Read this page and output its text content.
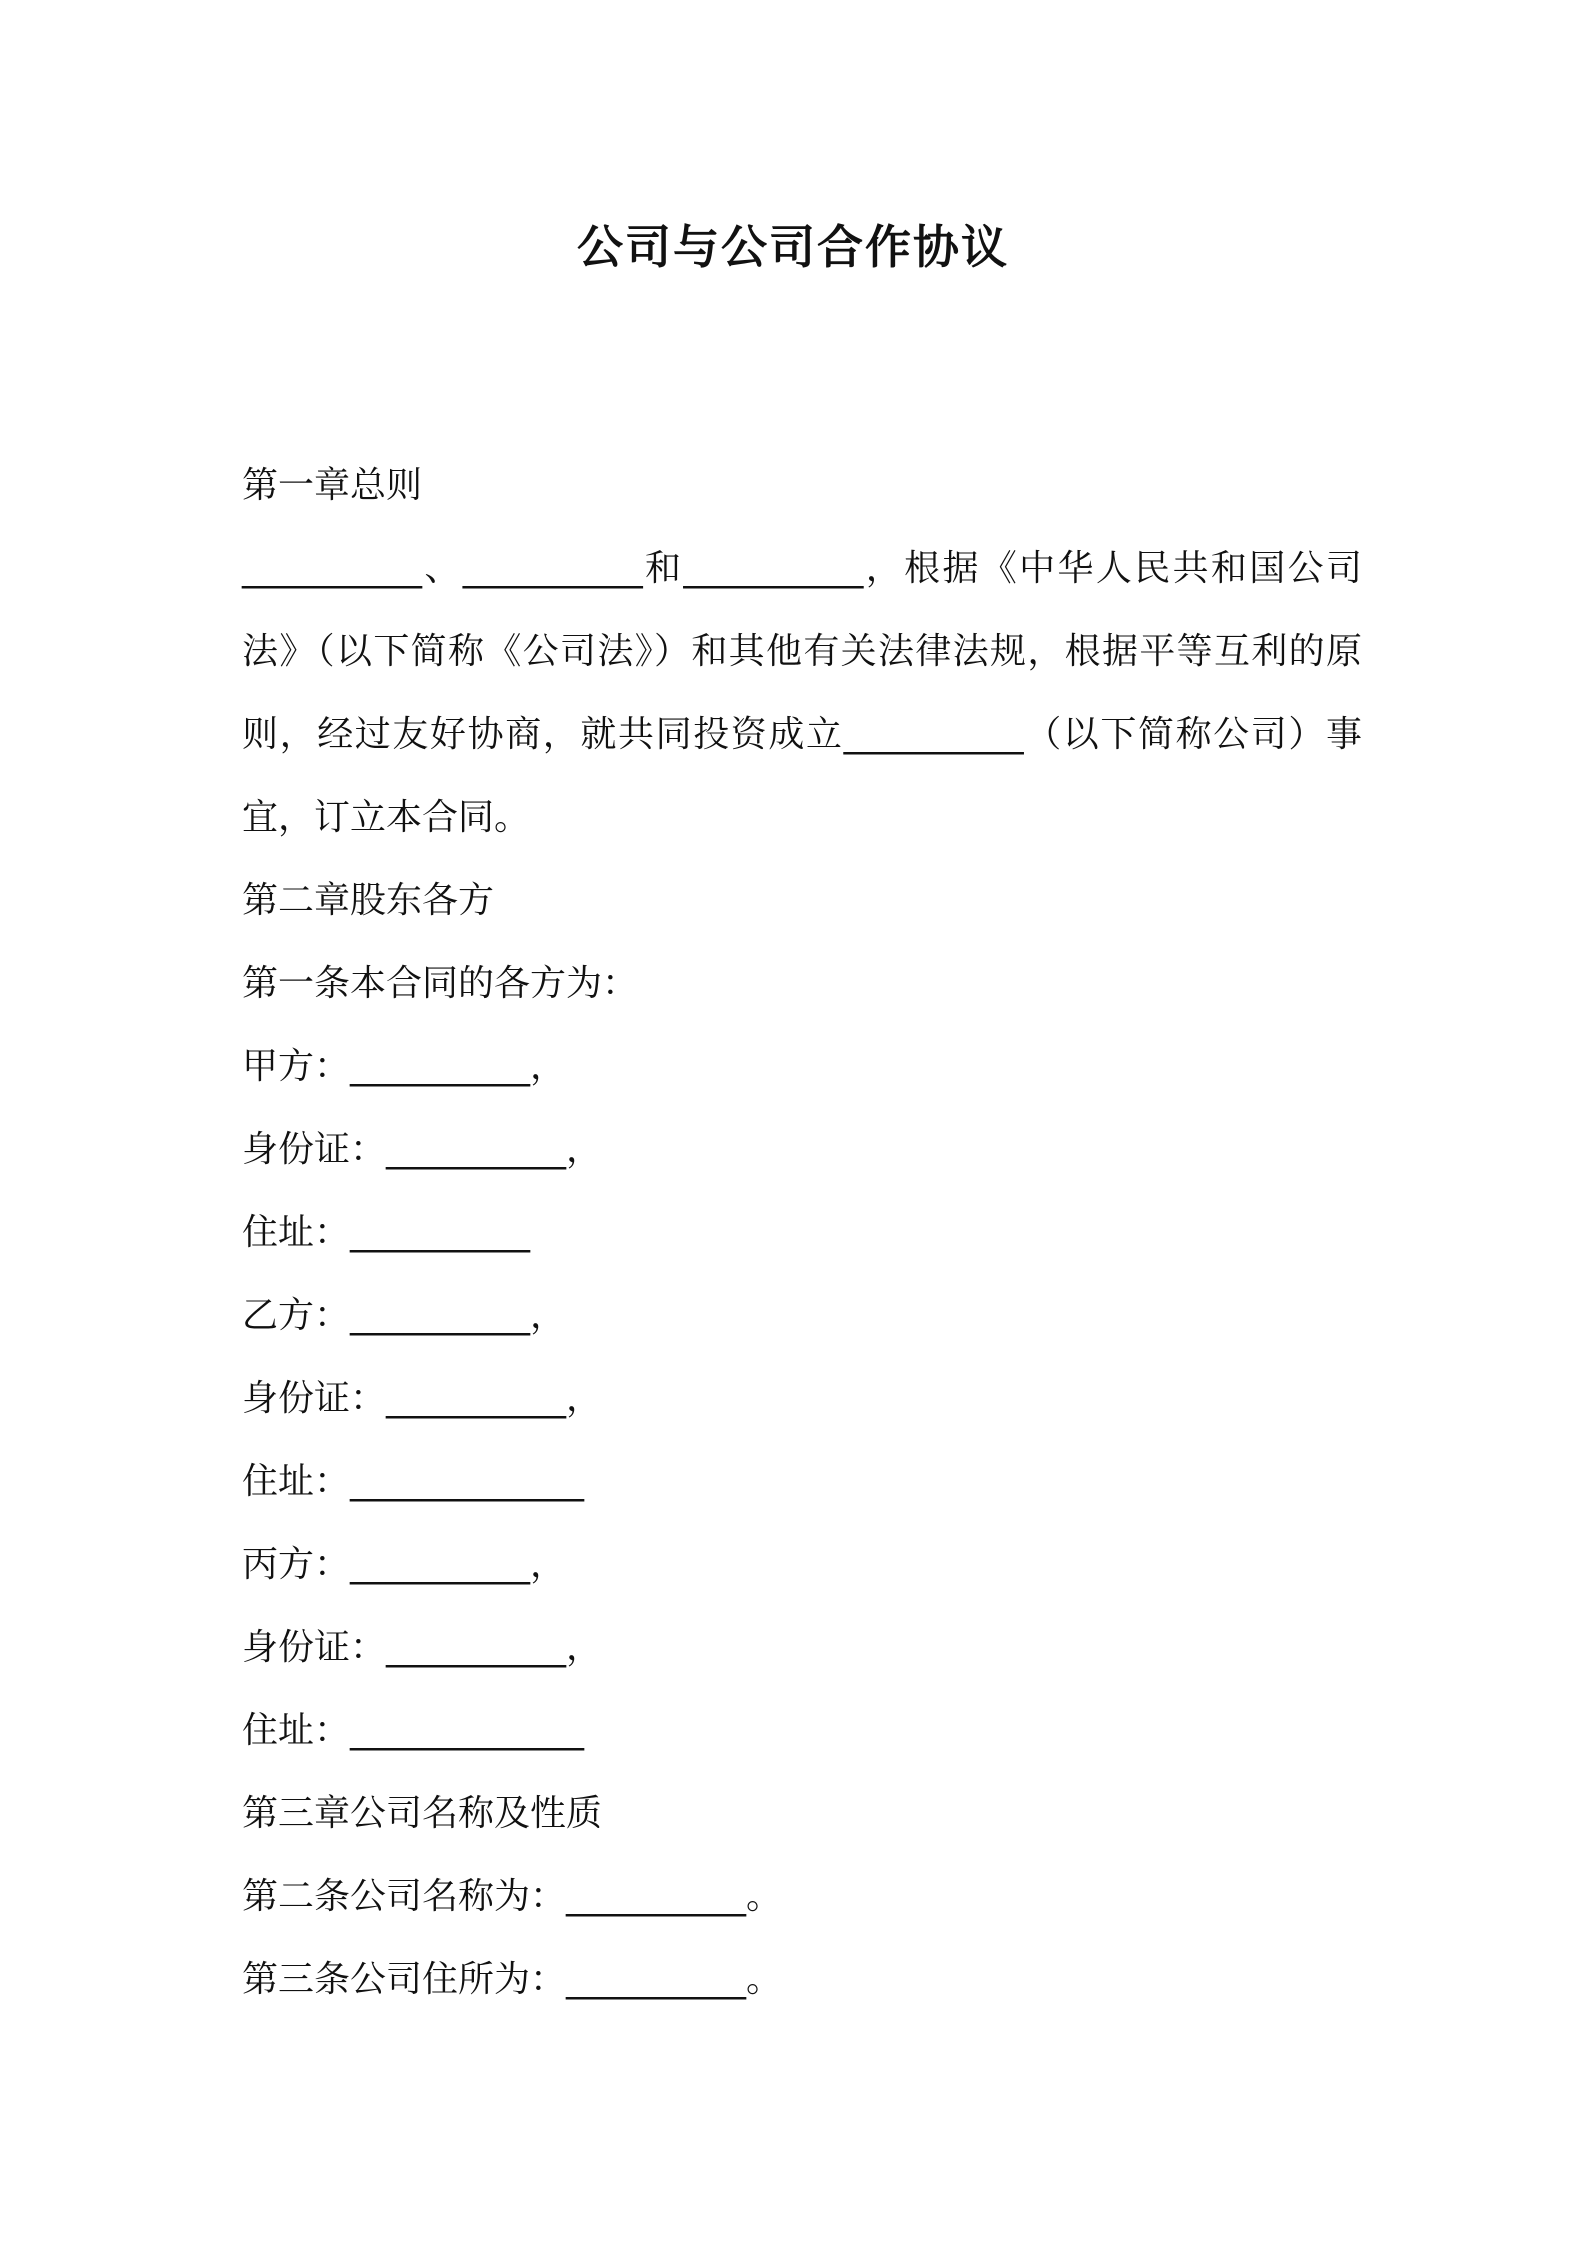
公司与公司合作协议
第一章总则
__________、__________和__________，根据《中华人民共和国公司法》（以下简称《公司法》）和其他有关法律法规，根据平等互利的原则，经过友好协商，就共同投资成立__________（以下简称公司）事宜，订立本合同。
第二章股东各方
第一条本合同的各方为：
甲方：__________，
身份证：__________，
住址：__________
乙方：__________，
身份证：__________，
住址：_____________
丙方：__________，
身份证：__________，
住址：_____________
第三章公司名称及性质
第二条公司名称为：__________。
第三条公司住所为：__________。
